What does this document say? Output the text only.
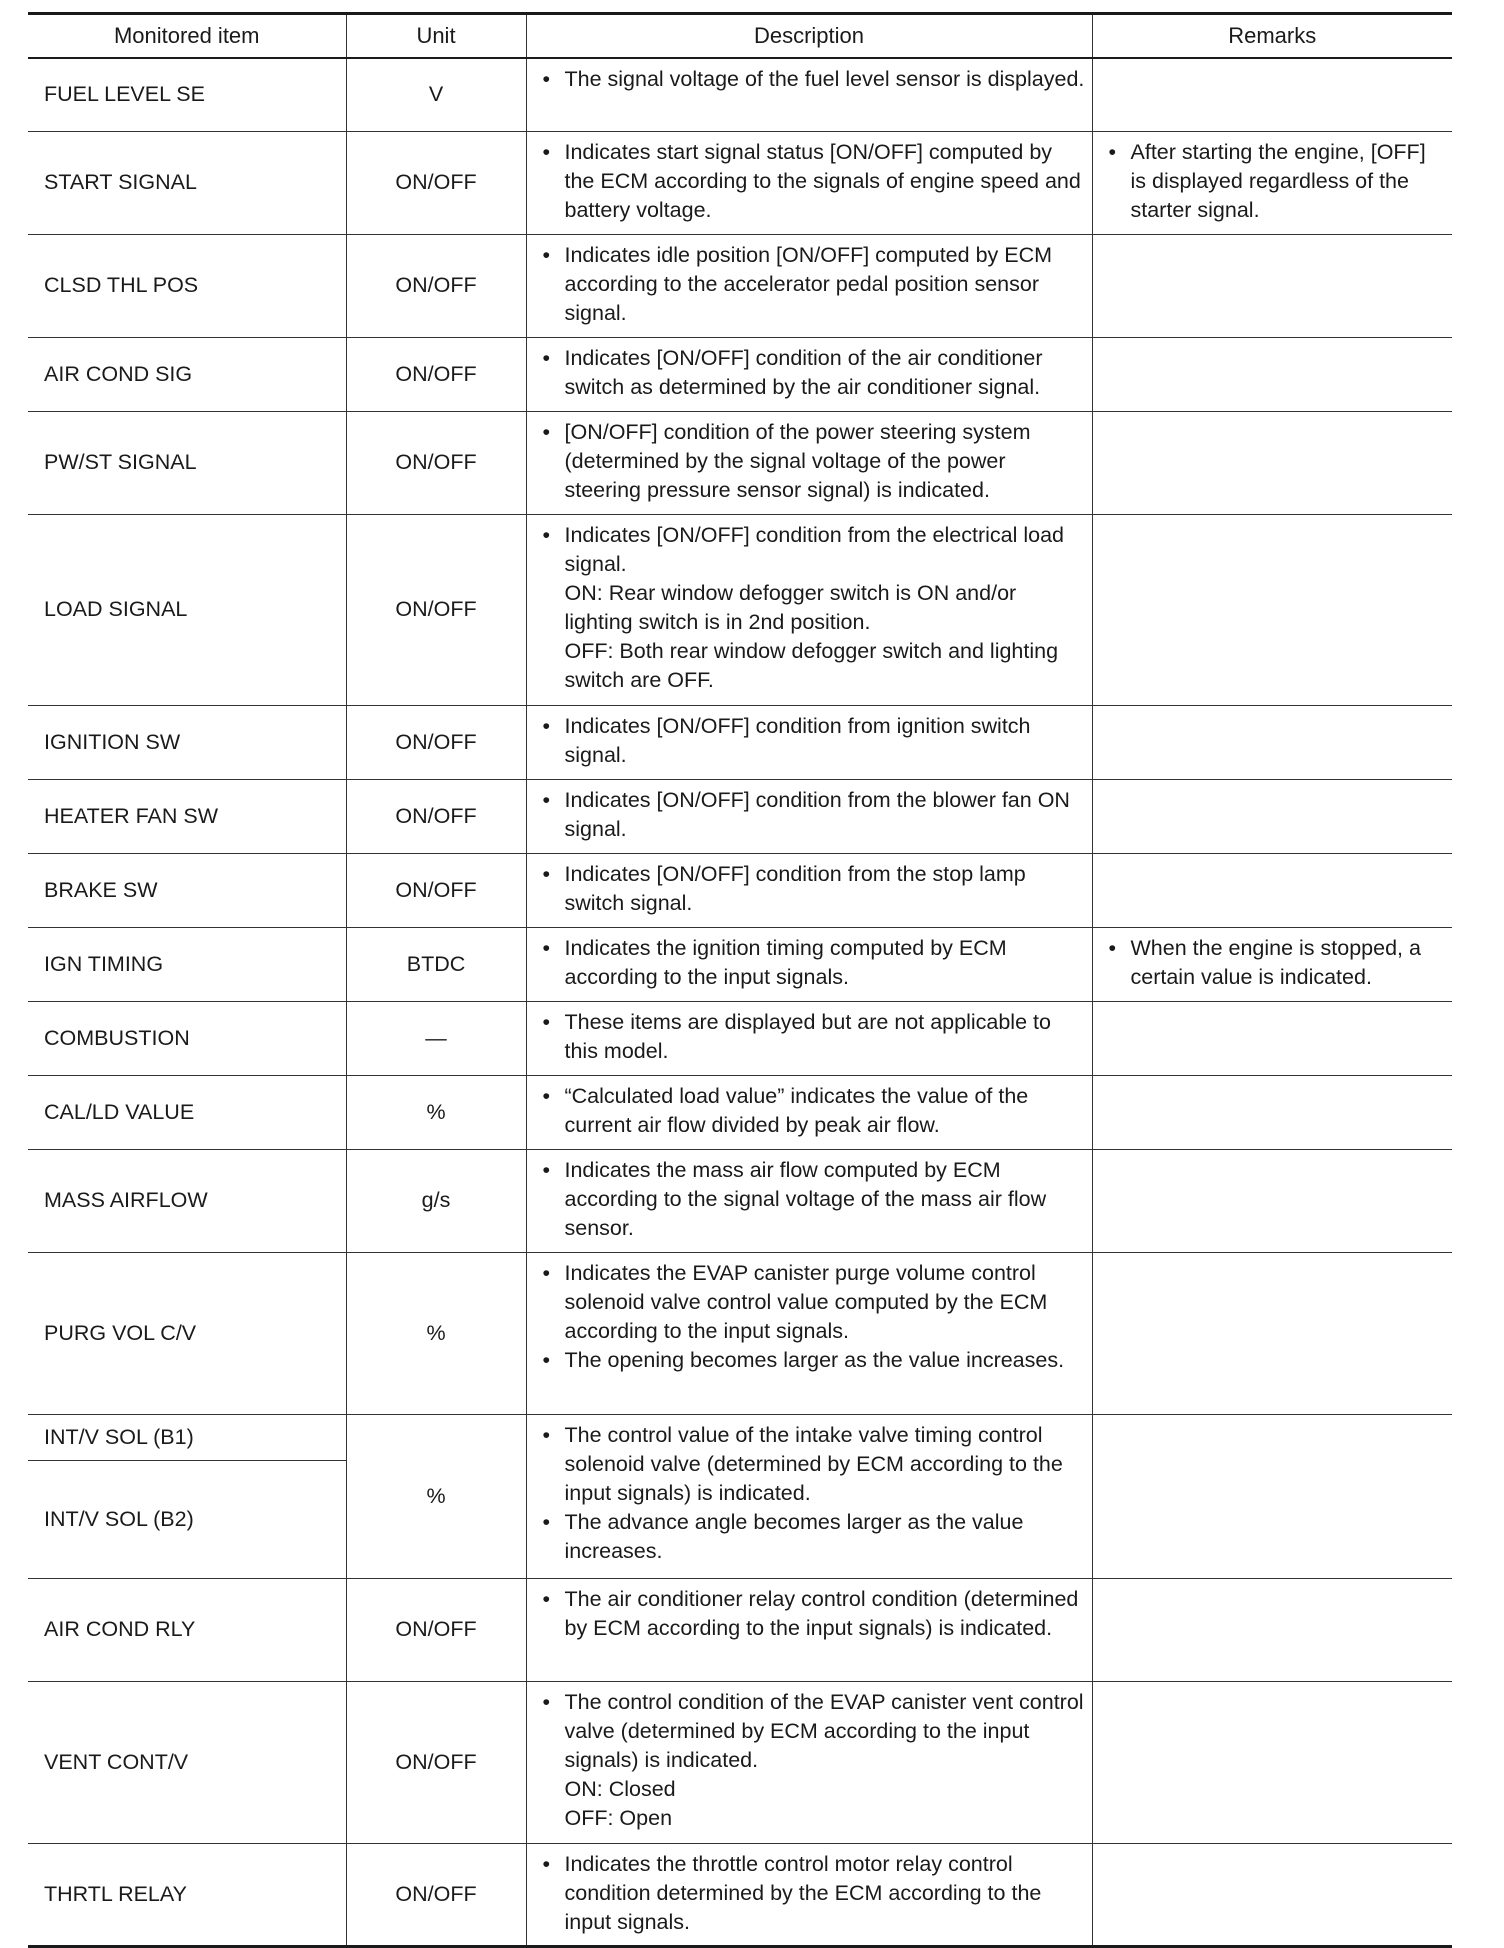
Monitored item	Unit	Description	Remarks
FUEL LEVEL SE	V	• The signal voltage of the fuel level sensor is displayed.

START SIGNAL	ON/OFF	• Indicates start signal status [ON/OFF] computed by the ECM according to the signals of engine speed and battery voltage.	• After starting the engine, [OFF] is displayed regardless of the starter signal.

CLSD THL POS	ON/OFF	• Indicates idle position [ON/OFF] computed by ECM according to the accelerator pedal position sensor signal.

AIR COND SIG	ON/OFF	• Indicates [ON/OFF] condition of the air conditioner switch as determined by the air conditioner signal.

PW/ST SIGNAL	ON/OFF	• [ON/OFF] condition of the power steering system (determined by the signal voltage of the power steering pressure sensor signal) is indicated.

LOAD SIGNAL	ON/OFF	• Indicates [ON/OFF] condition from the electrical load signal.
ON: Rear window defogger switch is ON and/or lighting switch is in 2nd position.
OFF: Both rear window defogger switch and lighting switch are OFF.

IGNITION SW	ON/OFF	• Indicates [ON/OFF] condition from ignition switch signal.

HEATER FAN SW	ON/OFF	• Indicates [ON/OFF] condition from the blower fan ON signal.

BRAKE SW	ON/OFF	• Indicates [ON/OFF] condition from the stop lamp switch signal.

IGN TIMING	BTDC	• Indicates the ignition timing computed by ECM according to the input signals.	• When the engine is stopped, a certain value is indicated.

COMBUSTION	—	• These items are displayed but are not applicable to this model.

CAL/LD VALUE	%	• “Calculated load value” indicates the value of the current air flow divided by peak air flow.

MASS AIRFLOW	g/s	• Indicates the mass air flow computed by ECM according to the signal voltage of the mass air flow sensor.

PURG VOL C/V	%	• Indicates the EVAP canister purge volume control solenoid valve control value computed by the ECM according to the input signals.
• The opening becomes larger as the value increases.

INT/V SOL (B1)	%	• The control value of the intake valve timing control solenoid valve (determined by ECM according to the input signals) is indicated.
• The advance angle becomes larger as the value increases.

INT/V SOL (B2)			
AIR COND RLY	ON/OFF	• The air conditioner relay control condition (determined by ECM according to the input signals) is indicated.

VENT CONT/V	ON/OFF	• The control condition of the EVAP canister vent control valve (determined by ECM according to the input signals) is indicated.
ON: Closed
OFF: Open

THRTL RELAY	ON/OFF	• Indicates the throttle control motor relay control condition determined by the ECM according to the input signals.
